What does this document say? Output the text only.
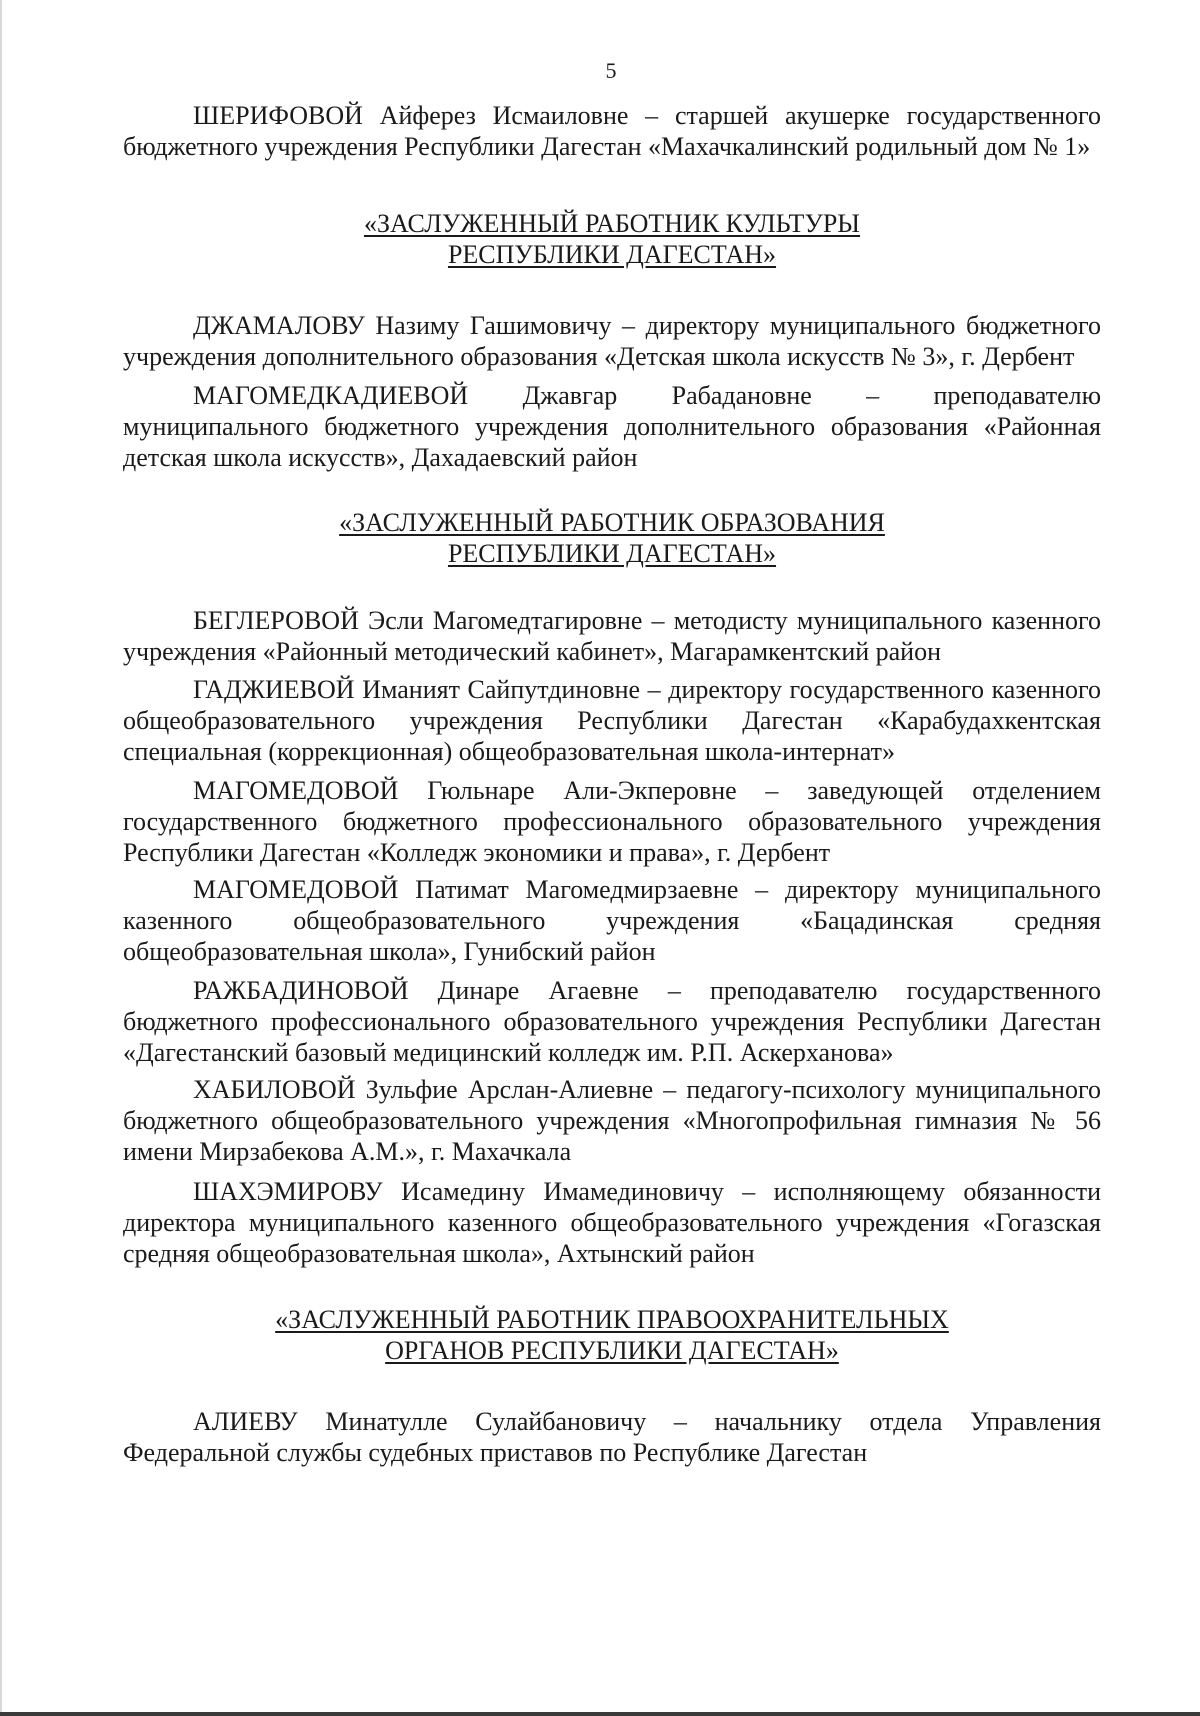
5

ШЕРИФОВОЙ Айферез Исмаиловне – старшей акушерке государственного бюджетного учреждения Республики Дагестан «Махачкалинский родильный дом № 1»

«ЗАСЛУЖЕННЫЙ РАБОТНИК КУЛЬТУРЫ
РЕСПУБЛИКИ ДАГЕСТАН»

ДЖАМАЛОВУ Назиму Гашимовичу – директору муниципального бюджетного учреждения дополнительного образования «Детская школа искусств № 3», г. Дербент

МАГОМЕДКАДИЕВОЙ Джавгар Рабадановне – преподавателю муниципального бюджетного учреждения дополнительного образования «Районная детская школа искусств», Дахадаевский район

«ЗАСЛУЖЕННЫЙ РАБОТНИК ОБРАЗОВАНИЯ
РЕСПУБЛИКИ ДАГЕСТАН»

БЕГЛЕРОВОЙ Эсли Магомедтагировне – методисту муниципального казенного учреждения «Районный методический кабинет», Магарамкентский район

ГАДЖИЕВОЙ Иманият Сайпутдиновне – директору государственного казенного общеобразовательного учреждения Республики Дагестан «Карабудахкентская специальная (коррекционная) общеобразовательная школа-интернат»

МАГОМЕДОВОЙ Гюльнаре Али-Экперовне – заведующей отделением государственного бюджетного профессионального образовательного учреждения Республики Дагестан «Колледж экономики и права», г. Дербент

МАГОМЕДОВОЙ Патимат Магомедмирзаевне – директору муниципального казенного общеобразовательного учреждения «Бацадинская средняя общеобразовательная школа», Гунибский район

РАЖБАДИНОВОЙ Динаре Агаевне – преподавателю государственного бюджетного профессионального образовательного учреждения Республики Дагестан «Дагестанский базовый медицинский колледж им. Р.П. Аскерханова»

ХАБИЛОВОЙ Зульфие Арслан-Алиевне – педагогу-психологу муниципального бюджетного общеобразовательного учреждения «Многопрофильная гимназия № 56 имени Мирзабекова А.М.», г. Махачкала

ШАХЭМИРОВУ Исамедину Имамединовичу – исполняющему обязанности директора муниципального казенного общеобразовательного учреждения «Гогазская средняя общеобразовательная школа», Ахтынский район

«ЗАСЛУЖЕННЫЙ РАБОТНИК ПРАВООХРАНИТЕЛЬНЫХ
ОРГАНОВ РЕСПУБЛИКИ ДАГЕСТАН»

АЛИЕВУ Минатулле Сулайбановичу – начальнику отдела Управления Федеральной службы судебных приставов по Республике Дагестан
